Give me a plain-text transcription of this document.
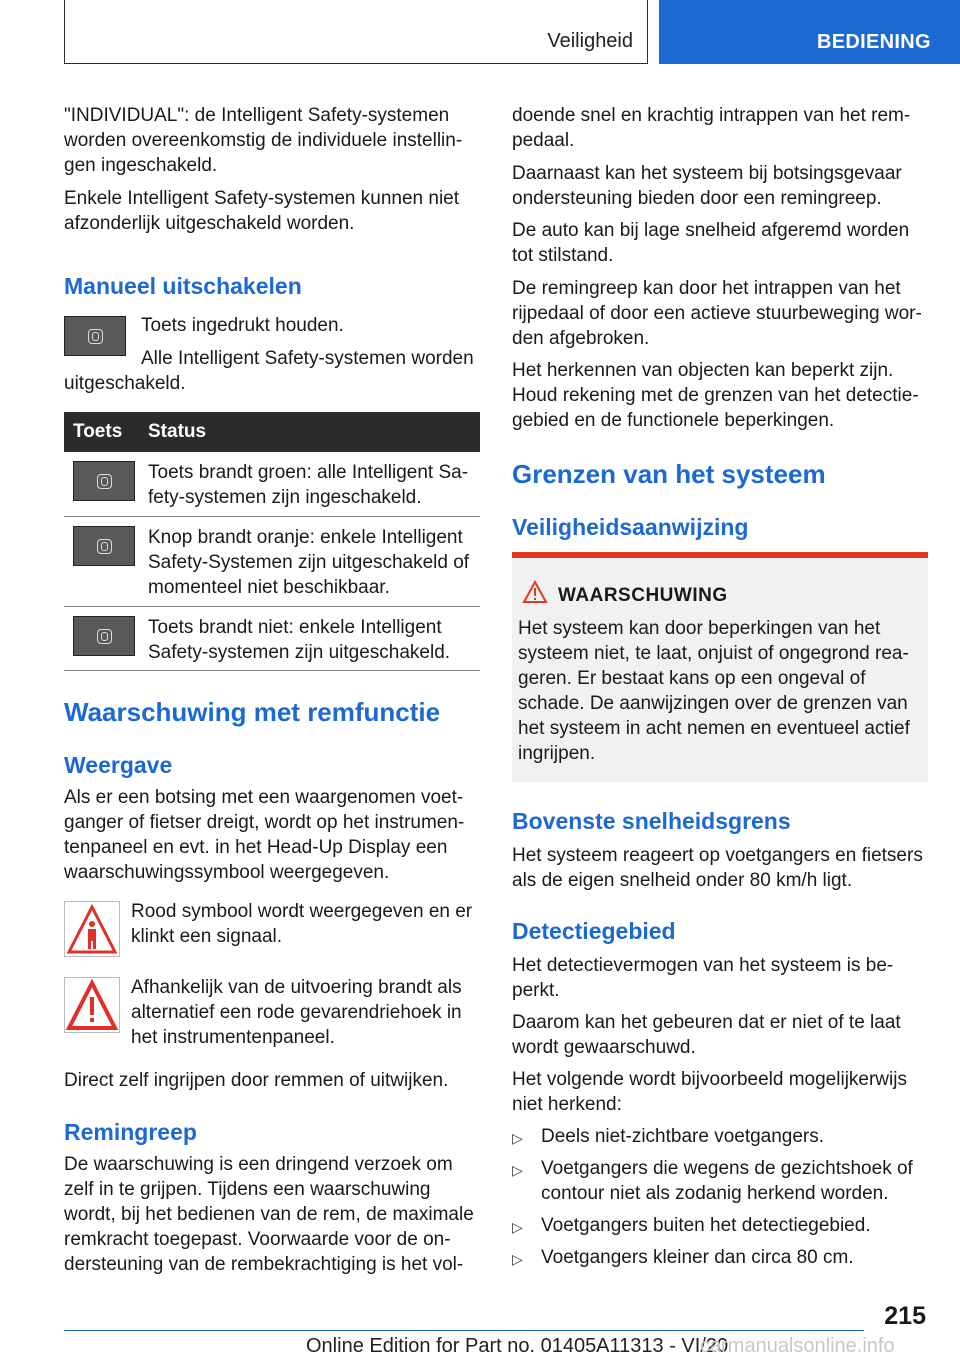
Veiligheid	BEDIENING

"INDIVIDUAL": de Intelligent Safety-systemen worden overeenkomstig de individuele instellin-gen ingeschakeld.

Enkele Intelligent Safety-systemen kunnen niet afzonderlijk uitgeschakeld worden.

Manueel uitschakelen

Toets ingedrukt houden.

Alle Intelligent Safety-systemen worden

uitgeschakeld.

Toets Status
Toets brandt groen: alle Intelligent Sa-fety-systemen zijn ingeschakeld.
Knop brandt oranje: enkele Intelligent Safety-Systemen zijn uitgeschakeld of momenteel niet beschikbaar.
Toets brandt niet: enkele Intelligent Safety-systemen zijn uitgeschakeld.
Waarschuwing met remfunctie
Weergave

Als er een botsing met een waargenomen voet-ganger of fietser dreigt, wordt op het instrumen-tenpaneel en evt. in het Head-Up Display een waarschuwingssymbool weergegeven.

Rood symbool wordt weergegeven en er klinkt een signaal.

Afhankelijk van de uitvoering brandt als alternatief een rode gevarendriehoek in het instrumentenpaneel.

Direct zelf ingrijpen door remmen of uitwijken.

Remingreep

De waarschuwing is een dringend verzoek om zelf in te grijpen. Tijdens een waarschuwing wordt, bij het bedienen van de rem, de maximale remkracht toegepast. Voorwaarde voor de on-dersteuning van de rembekrachtiging is het vol-

doende snel en krachtig intrappen van het rem-pedaal.

Daarnaast kan het systeem bij botsingsgevaar ondersteuning bieden door een remingreep.

De auto kan bij lage snelheid afgeremd worden tot stilstand.

De remingreep kan door het intrappen van het rijpedaal of door een actieve stuurbeweging wor-den afgebroken.

Het herkennen van objecten kan beperkt zijn. Houd rekening met de grenzen van het detectie-gebied en de functionele beperkingen.

Grenzen van het systeem
Veiligheidsaanwijzing
WAARSCHUWING
Het systeem kan door beperkingen van het systeem niet, te laat, onjuist of ongegrond rea-geren. Er bestaat kans op een ongeval of schade. De aanwijzingen over de grenzen van het systeem in acht nemen en eventueel actief ingrijpen.
Bovenste snelheidsgrens

Het systeem reageert op voetgangers en fietsers als de eigen snelheid onder 80 km/h ligt.

Detectiegebied

Het detectievermogen van het systeem is be-perkt.

Daarom kan het gebeuren dat er niet of te laat wordt gewaarschuwd.

Het volgende wordt bijvoorbeeld mogelijkerwijs niet herkend:

▷ Deels niet-zichtbare voetgangers.
▷ Voetgangers die wegens de gezichtshoek of contour niet als zodanig herkend worden.
▷ Voetgangers buiten het detectiegebied.
▷ Voetgangers kleiner dan circa 80 cm.
215
Online Edition for Part no. 01405A11313 - VI/20
carmanualsonline.info
